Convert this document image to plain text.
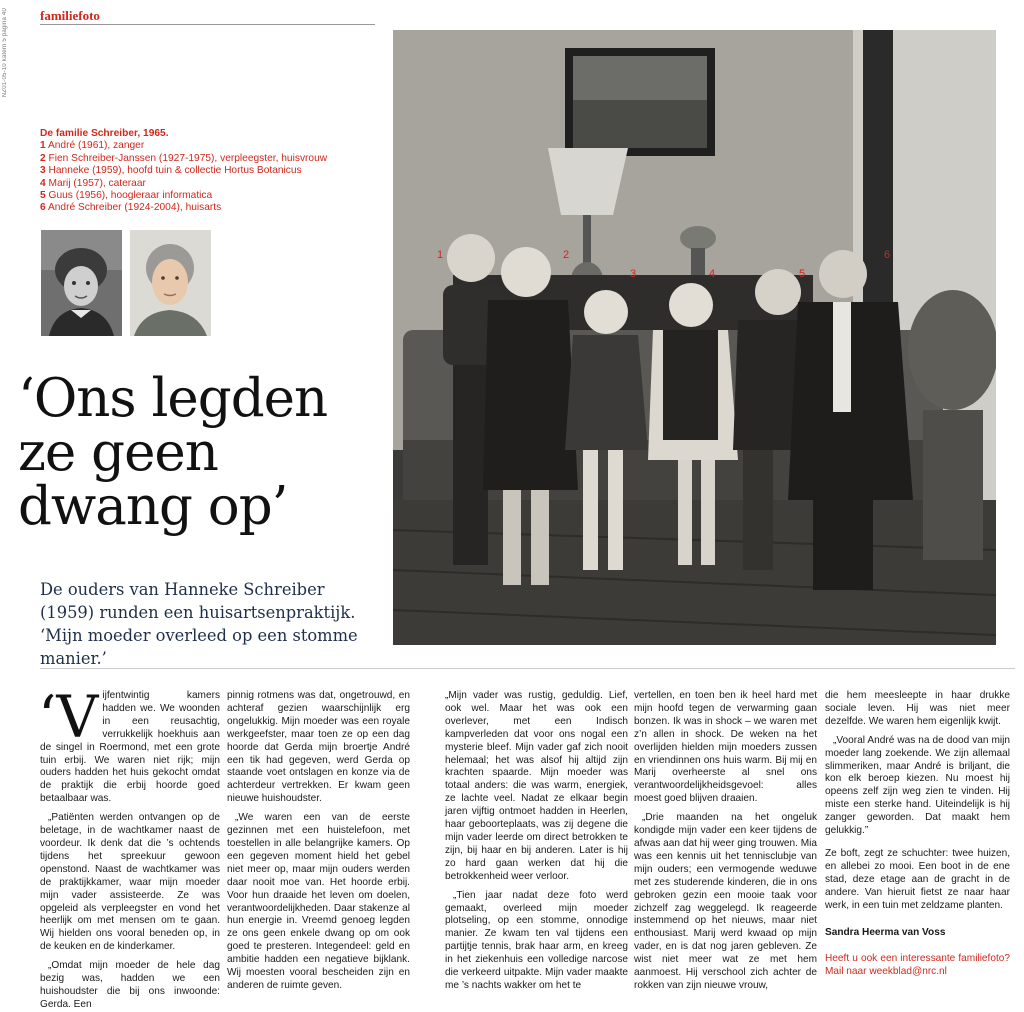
NZ01-05-10 katern 5 pagina 40 familiefoto
De familie Schreiber, 1965.
1 André (1961), zanger
2 Fien Schreiber-Janssen (1927-1975), verpleegster, huisvrouw
3 Hanneke (1959), hoofd tuin & collectie Hortus Botanicus
4 Marij (1957), cateraar
5 Guus (1956), hoogleraar informatica
6 André Schreiber (1924-2004), huisarts
‘Ons legden ze geen dwang op’
De ouders van Hanneke Schreiber (1959) runden een huisartsenpraktijk. ‘Mijn moeder overleed op een stomme manier.’
1	2
3	4	5
6

‘Vijfentwintig kamers hadden we. We woonden in een reusachtig, verrukkelijk hoekhuis aan de singel in Roermond, met een grote tuin erbij. We waren niet rijk; mijn ouders hadden het huis gekocht omdat de praktijk die erbij hoorde goed betaalbaar was.

„Patiënten werden ontvangen op de beletage, in de wachtkamer naast de voordeur. Ik denk dat die ’s ochtends tijdens het spreekuur gewoon openstond. Naast de wachtkamer was de praktijkkamer, waar mijn moeder mijn vader assisteerde. Ze was opgeleid als verpleegster en vond het heerlijk om met mensen om te gaan. Wij hielden ons vooral beneden op, in de keuken en de kinderkamer.

„Omdat mijn moeder de hele dag bezig was, hadden we een huishoudster die bij ons inwoonde: Gerda. Een

pinnig rotmens was dat, ongetrouwd, en achteraf gezien waarschijnlijk erg ongelukkig. Mijn moeder was een royale werkgeefster, maar toen ze op een dag hoorde dat Gerda mijn broertje André een tik had gegeven, werd Gerda op staande voet ontslagen en konze via de achterdeur vertrekken. Er kwam geen nieuwe huishoudster.

„We waren een van de eerste gezinnen met een huistelefoon, met toestellen in alle belangrijke kamers. Op een gegeven moment hield het gebel niet meer op, maar mijn ouders werden daar nooit moe van. Het hoorde erbij. Voor hun draaide het leven om doelen, verantwoordelijkheden. Daar stakenze al hun energie in. Vreemd genoeg legden ze ons geen enkele dwang op om ook goed te presteren. Integendeel: geld en ambitie hadden een negatieve bijklank. Wij moesten vooral bescheiden zijn en anderen de ruimte geven.

„Mijn vader was rustig, geduldig. Lief, ook wel. Maar het was ook een overlever, met een Indisch kampverleden dat voor ons nogal een mysterie bleef. Mijn vader gaf zich nooit helemaal; het was alsof hij altijd zijn krachten spaarde. Mijn moeder was totaal anders: die was warm, energiek, ze lachte veel. Nadat ze elkaar begin jaren vijftig ontmoet hadden in Heerlen, haar geboorteplaats, was zij degene die mijn vader leerde om direct betrokken te zijn, bij haar en bij anderen. Later is hij zo hard gaan werken dat hij die betrokkenheid weer verloor.

„Tien jaar nadat deze foto werd gemaakt, overleed mijn moeder plotseling, op een stomme, onnodige manier. Ze kwam ten val tijdens een partijtje tennis, brak haar arm, en kreeg in het ziekenhuis een volledige narcose die verkeerd uitpakte. Mijn vader maakte me ’s nachts wakker om het te

vertellen, en toen ben ik heel hard met mijn hoofd tegen de verwarming gaan bonzen. Ik was in shock – we waren met z’n allen in shock. De weken na het overlijden hielden mijn moeders zussen en vriendinnen ons huis warm. Bij mij en Marij overheerste al snel ons verantwoordelijkheidsgevoel: alles moest goed blijven draaien.

„Drie maanden na het ongeluk kondigde mijn vader een keer tijdens de afwas aan dat hij weer ging trouwen. Mia was een kennis uit het tennisclubje van mijn ouders; een vermogende weduwe met zes studerende kinderen, die in ons gebroken gezin een mooie taak voor zichzelf zag weggelegd. Ik reageerde instemmend op het nieuws, maar niet enthousiast. Marij werd kwaad op mijn vader, en is dat nog jaren gebleven. Ze wist niet meer wat ze met hem aanmoest. Hij verschool zich achter de rokken van zijn nieuwe vrouw,

die hem meesleepte in haar drukke sociale leven. Hij was niet meer dezelfde. We waren hem eigenlijk kwijt.

„Vooral André was na de dood van mijn moeder lang zoekende. We zijn allemaal slimmeriken, maar André is briljant, die kon elk beroep kiezen. Nu moest hij opeens zelf zijn weg zien te vinden. Hij miste een sterke hand. Uiteindelijk is hij zanger geworden. Dat maakt hem gelukkig.”

Ze boft, zegt ze schuchter: twee huizen, en allebei zo mooi. Een boot in de ene stad, deze etage aan de gracht in de andere. Van hieruit fietst ze naar haar werk, in een tuin met zeldzame planten.

Sandra Heerma van Voss

Heeft u ook een interessante familiefoto?Mail naar weekblad@nrc.nl
